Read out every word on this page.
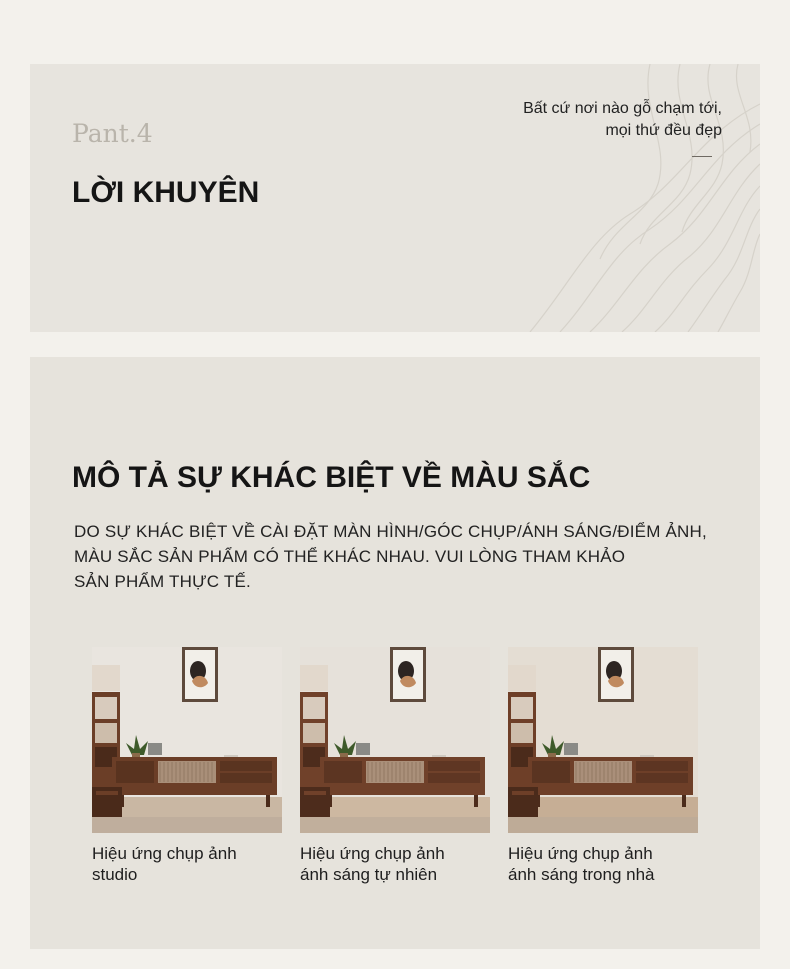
Pant.4
LỜI KHUYÊN
Bất cứ nơi nào gỗ chạm tới,
mọi thứ đều đẹp
MÔ TẢ SỰ KHÁC BIỆT VỀ MÀU SẮC
DO SỰ KHÁC BIỆT VỀ CÀI ĐẶT MÀN HÌNH/GÓC CHỤP/ÁNH SÁNG/ĐIỂM ẢNH,
MÀU SẮC SẢN PHẨM CÓ THỂ KHÁC NHAU. VUI LÒNG THAM KHẢO
SẢN PHẨM THỰC TẾ.
Hiệu ứng chụp ảnh
studio
Hiệu ứng chụp ảnh
ánh sáng tự nhiên
Hiệu ứng chụp ảnh
ánh sáng trong nhà
